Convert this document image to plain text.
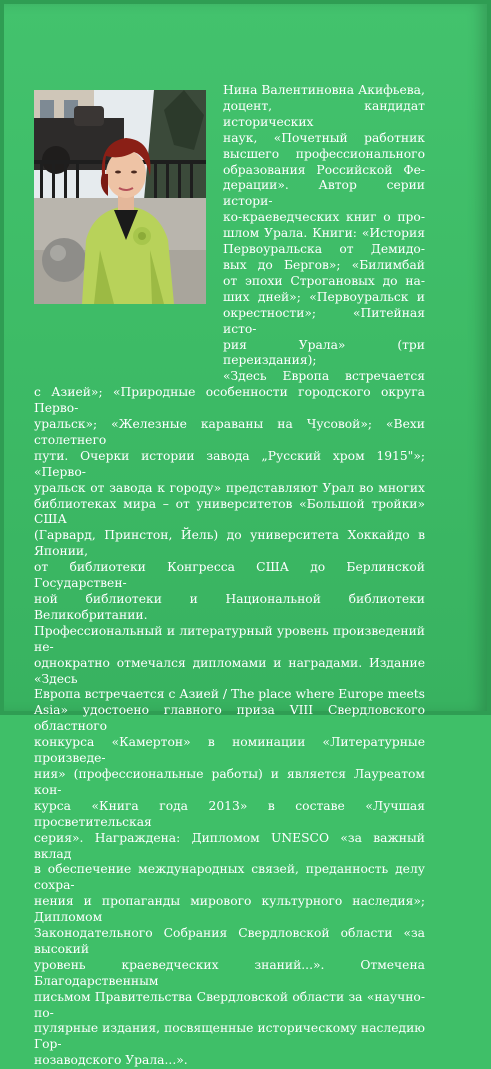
Нина Валентиновна Акифьева,
доцент, кандидат исторических
наук, «Почетный работник
высшего профессионального
образования Российской Фе-
дерации». Автор серии истори-
ко-краеведческих книг о про-
шлом Урала. Книги: «История
Первоуральска от Демидо-
вых до Бергов»; «Билимбай
от эпохи Строгановых до на-
ших дней»; «Первоуральск и
окрестности»; «Питейная исто-
рия Урала» (три переиздания);
«Здесь Европа встречается
с Азией»; «Природные особенности городского округа Перво-
уральск»; «Железные караваны на Чусовой»; «Вехи столетнего
пути. Очерки истории завода „Русский хром 1915"»; «Перво-
уральск от завода к городу» представляют Урал во многих
библиотеках мира – от университетов «Большой тройки» США
(Гарвард, Принстон, Йель) до университета Хоккайдо в Японии,
от библиотеки Конгресса США до Берлинской Государствен-
ной библиотеки и Национальной библиотеки Великобритании.
Профессиональный и литературный уровень произведений не-
однократно отмечался дипломами и наградами. Издание «Здесь
Европа встречается с Азией / The place where Europe meets
Asia» удостоено главного приза VIII Свердловского областного
конкурса «Камертон» в номинации «Литературные произведе-
ния» (профессиональные работы) и является Лауреатом кон-
курса «Книга года 2013» в составе «Лучшая просветительская
серия». Награждена: Дипломом UNESCO «за важный вклад
в обеспечение международных связей, преданность делу сохра-
нения и пропаганды мирового культурного наследия»; Дипломом
Законодательного Собрания Свердловской области «за высокий
уровень краеведческих знаний...». Отмечена Благодарственным
письмом Правительства Свердловской области за «научно-по-
пулярные издания, посвященные историческому наследию Гор-
нозаводского Урала...».
